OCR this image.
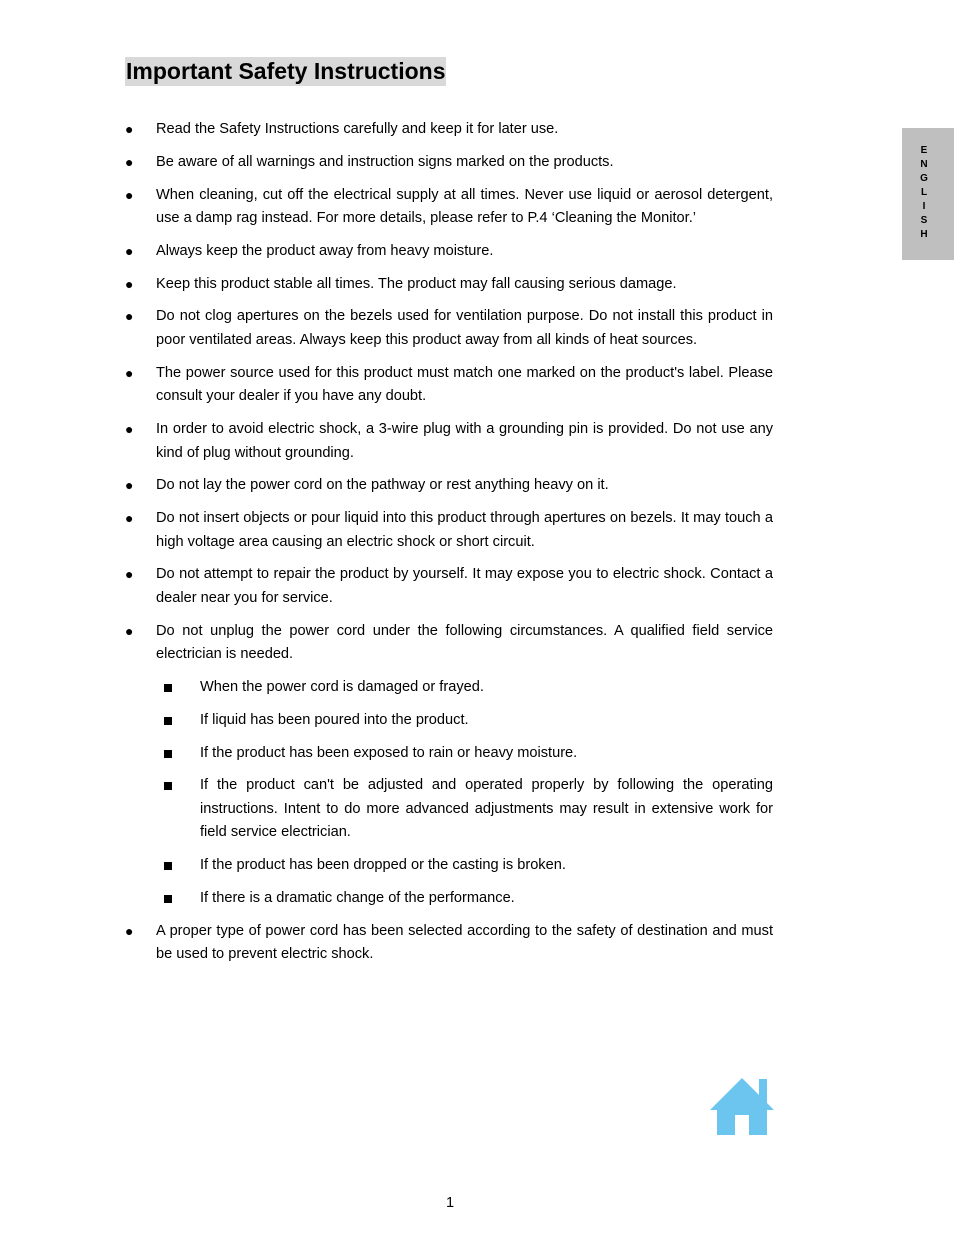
Important Safety Instructions
E
N
G
L
I
S
H
● Read the Safety Instructions carefully and keep it for later use.
● Be aware of all warnings and instruction signs marked on the products.
● When cleaning, cut off the electrical supply at all times. Never use liquid or aerosol detergent, use a damp rag instead. For more details, please refer to P.4 ‘Cleaning the Monitor.’
● Always keep the product away from heavy moisture.
● Keep this product stable all times. The product may fall causing serious damage.
● Do not clog apertures on the bezels used for ventilation purpose. Do not install this product in poor ventilated areas. Always keep this product away from all kinds of heat sources.
● The power source used for this product must match one marked on the product's label. Please consult your dealer if you have any doubt.
● In order to avoid electric shock, a 3-wire plug with a grounding pin is provided. Do not use any kind of plug without grounding.
● Do not lay the power cord on the pathway or rest anything heavy on it.
● Do not insert objects or pour liquid into this product through apertures on bezels. It may touch a high voltage area causing an electric shock or short circuit.
● Do not attempt to repair the product by yourself. It may expose you to electric shock. Contact a dealer near you for service.
● Do not unplug the power cord under the following circumstances. A qualified field service electrician is needed.
When the power cord is damaged or frayed.
If liquid has been poured into the product.
If the product has been exposed to rain or heavy moisture.
If the product can't be adjusted and operated properly by following the operating instructions. Intent to do more advanced adjustments may result in extensive work for field service electrician.
If the product has been dropped or the casting is broken.
If there is a dramatic change of the performance.
● A proper type of power cord has been selected according to the safety of destination and must be used to prevent electric shock.
1
